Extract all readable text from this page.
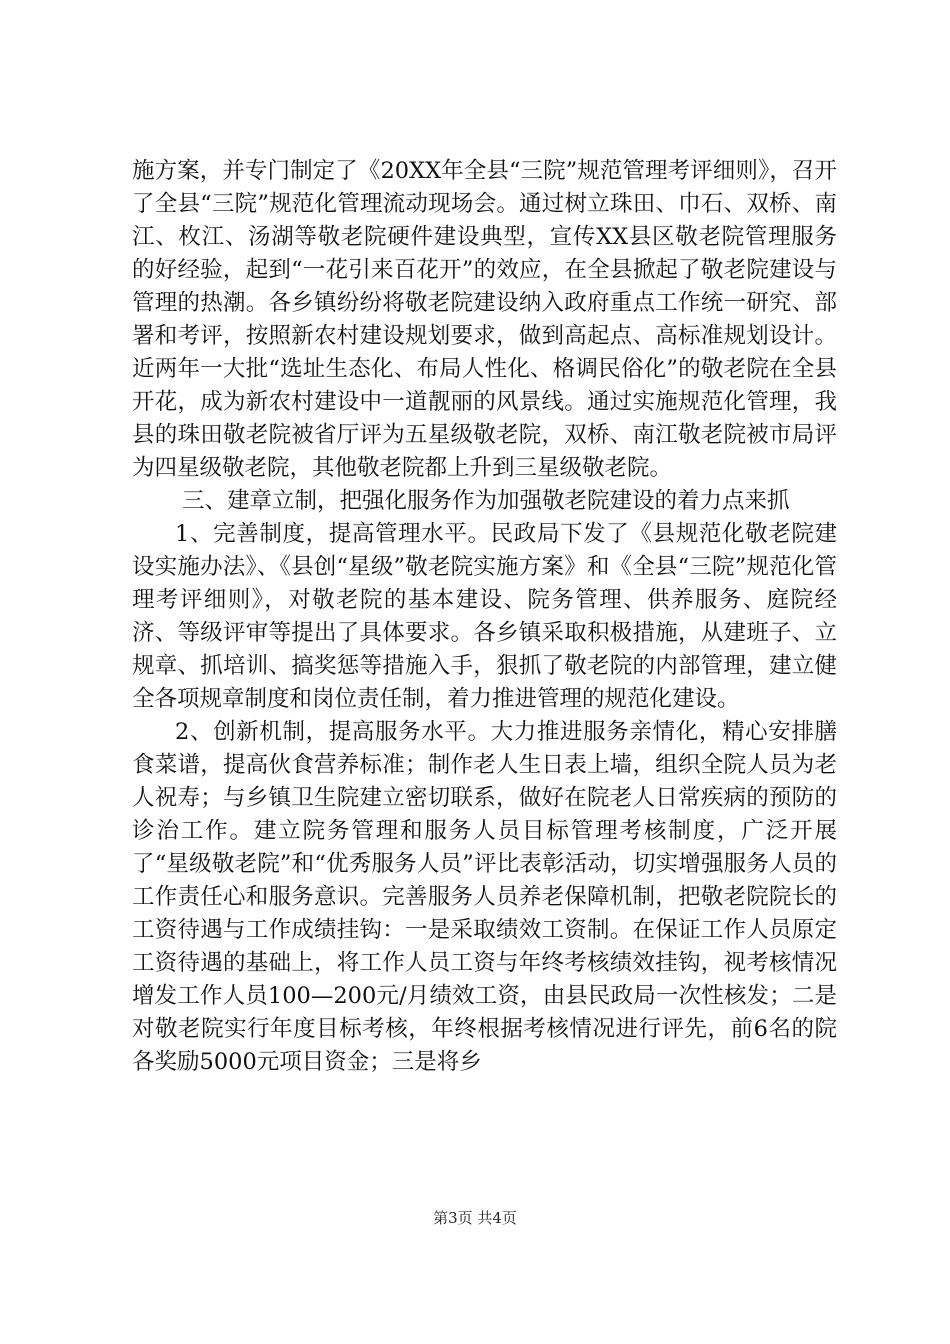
施方案，并专门制定了《20XX年全县“三院”规范管理考评细则》，召开了全县“三院”规范化管理流动现场会。通过树立珠田、巾石、双桥、南江、枚江、汤湖等敬老院硬件建设典型，宣传XX县区敬老院管理服务的好经验，起到“一花引来百花开”的效应，在全县掀起了敬老院建设与管理的热潮。各乡镇纷纷将敬老院建设纳入政府重点工作统一研究、部署和考评，按照新农村建设规划要求，做到高起点、高标准规划设计。近两年一大批“选址生态化、布局人性化、格调民俗化”的敬老院在全县开花，成为新农村建设中一道靓丽的风景线。通过实施规范化管理，我县的珠田敬老院被省厅评为五星级敬老院，双桥、南江敬老院被市局评为四星级敬老院，其他敬老院都上升到三星级敬老院。

三、建章立制，把强化服务作为加强敬老院建设的着力点来抓

1、完善制度，提高管理水平。民政局下发了《县规范化敬老院建设实施办法》、《县创“星级”敬老院实施方案》和《全县“三院”规范化管理考评细则》，对敬老院的基本建设、院务管理、供养服务、庭院经济、等级评审等提出了具体要求。各乡镇采取积极措施，从建班子、立规章、抓培训、搞奖惩等措施入手，狠抓了敬老院的内部管理，建立健全各项规章制度和岗位责任制，着力推进管理的规范化建设。

2、创新机制，提高服务水平。大力推进服务亲情化，精心安排膳食菜谱，提高伙食营养标准；制作老人生日表上墙，组织全院人员为老人祝寿；与乡镇卫生院建立密切联系，做好在院老人日常疾病的预防的诊治工作。建立院务管理和服务人员目标管理考核制度，广泛开展了“星级敬老院”和“优秀服务人员”评比表彰活动，切实增强服务人员的工作责任心和服务意识。完善服务人员养老保障机制，把敬老院院长的工资待遇与工作成绩挂钩：一是采取绩效工资制。在保证工作人员原定工资待遇的基础上，将工作人员工资与年终考核绩效挂钩，视考核情况增发工作人员100—200元/月绩效工资，由县民政局一次性核发；二是对敬老院实行年度目标考核，年终根据考核情况进行评先，前6名的院各奖励5000元项目资金；三是将乡

第3页 共4页
